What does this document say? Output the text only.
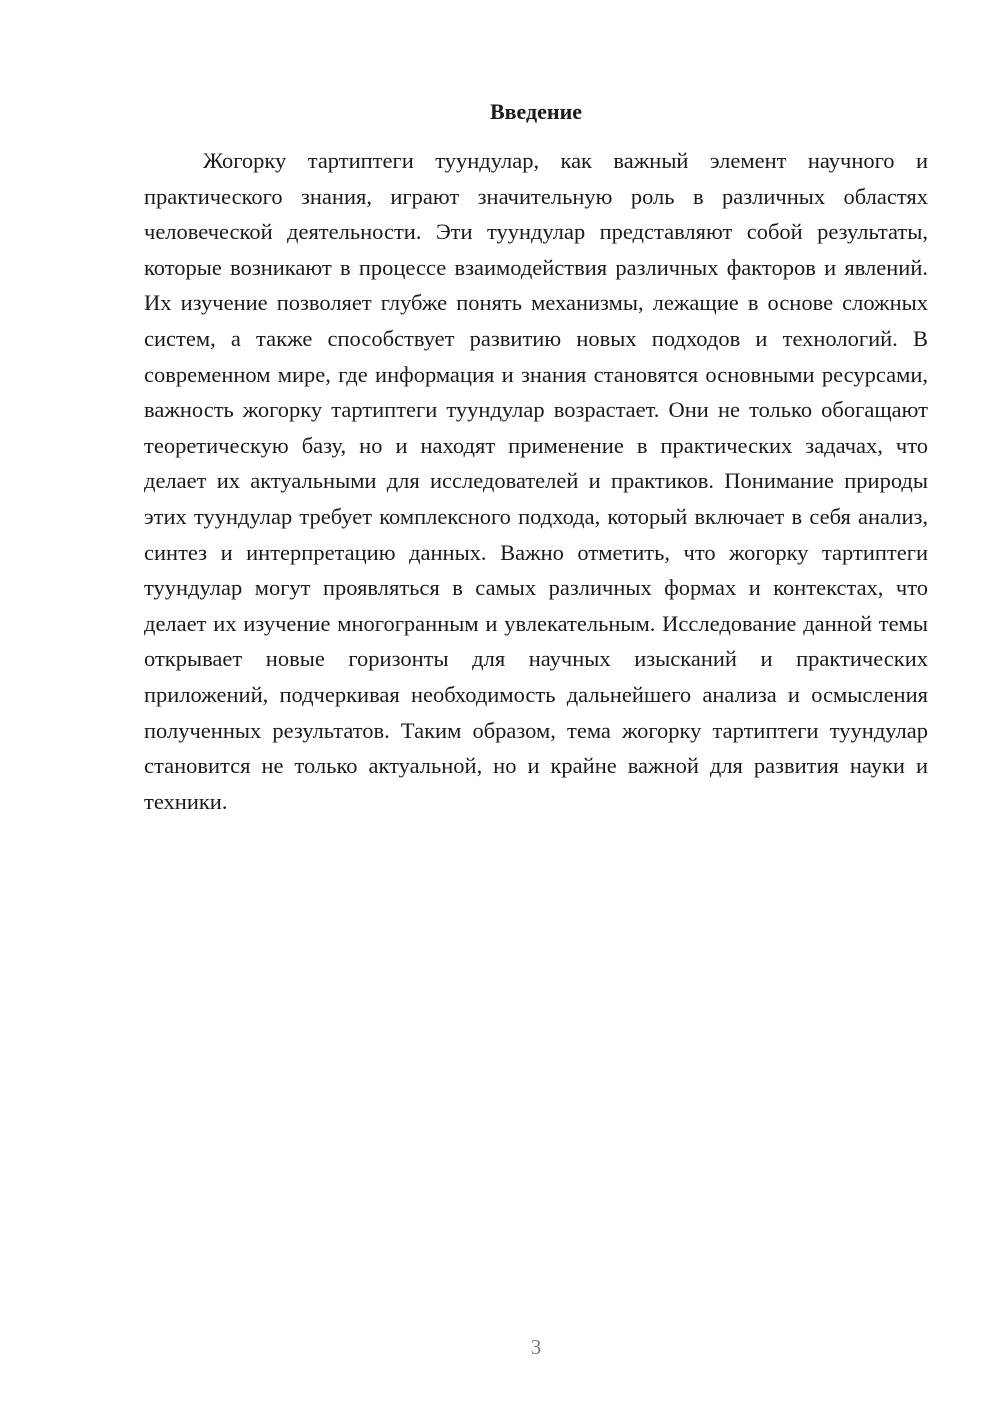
Введение

Жогорку тартиптеги туундулар, как важный элемент научного и практического знания, играют значительную роль в различных областях человеческой деятельности. Эти туундулар представляют собой результаты, которые возникают в процессе взаимодействия различных факторов и явлений. Их изучение позволяет глубже понять механизмы, лежащие в основе сложных систем, а также способствует развитию новых подходов и технологий. В современном мире, где информация и знания становятся основными ресурсами, важность жогорку тартиптеги туундулар возрастает. Они не только обогащают теоретическую базу, но и находят применение в практических задачах, что делает их актуальными для исследователей и практиков. Понимание природы этих туундулар требует комплексного подхода, который включает в себя анализ, синтез и интерпретацию данных. Важно отметить, что жогорку тартиптеги туундулар могут проявляться в самых различных формах и контекстах, что делает их изучение многогранным и увлекательным. Исследование данной темы открывает новые горизонты для научных изысканий и практических приложений, подчеркивая необходимость дальнейшего анализа и осмысления полученных результатов. Таким образом, тема жогорку тартиптеги туундулар становится не только актуальной, но и крайне важной для развития науки и техники.

3
